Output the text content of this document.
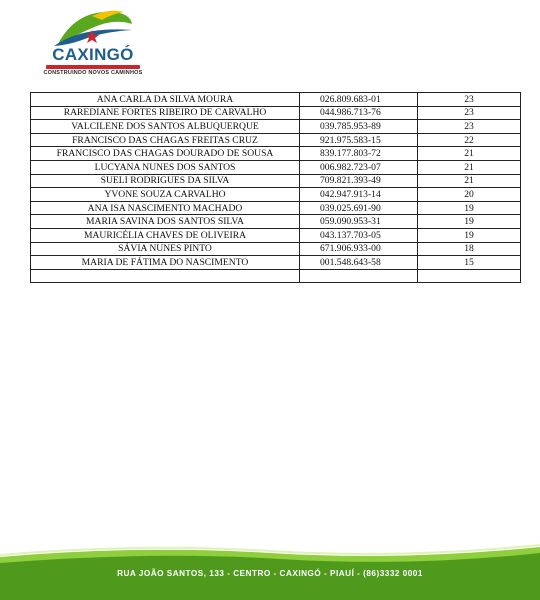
CAXINGÓ
CONSTRUINDO NOVOS CAMINHOS
ANA CARLA DA SILVA MOURA	026.809.683-01	23
RAREDIANE FORTES RIBEIRO DE CARVALHO	044.986.713-76	23
VALCILENE DOS SANTOS ALBUQUERQUE	039.785.953-89	23
FRANCISCO DAS CHAGAS FREITAS CRUZ	921.975.583-15	22
FRANCISCO DAS CHAGAS DOURADO DE SOUSA	839.177.803-72	21
LUCYANA NUNES DOS SANTOS	006.982.723-07	21
SUELI RODRIGUES DA SILVA	709.821.393-49	21
YVONE SOUZA CARVALHO	042.947.913-14	20
ANA ISA NASCIMENTO MACHADO	039.025.691-90	19
MARIA SAVINA DOS SANTOS SILVA	059.090.953-31	19
MAURICÉLIA CHAVES DE OLIVEIRA	043.137.703-05	19
SÁVIA NUNES PINTO	671.906.933-00	18
MARIA DE FÁTIMA DO NASCIMENTO	001.548.643-58	15

RUA JOÃO SANTOS, 133 - CENTRO - CAXINGÓ - PIAUÍ - (86)3332 0001
